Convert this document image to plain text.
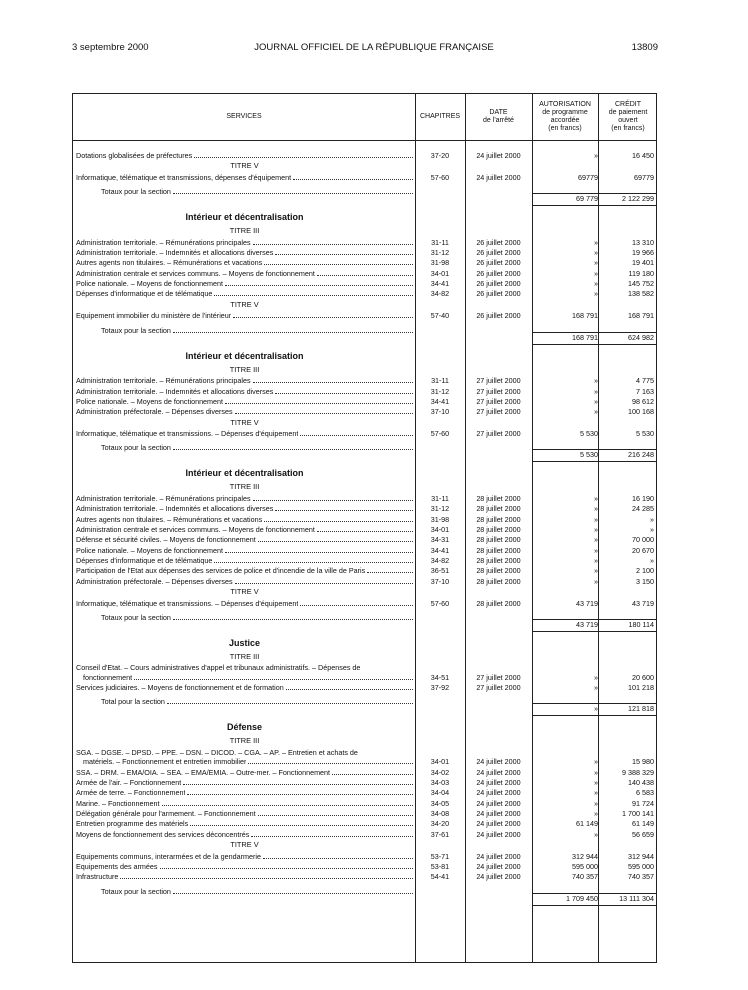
3 septembre 2000	JOURNAL OFFICIEL DE LA RÉPUBLIQUE FRANÇAISE	13809
SERVICES	CHAPITRES
DATE
de l'arrêté
AUTORISATION
de programme
accordée
(en francs)
CRÉDIT
de paiement
ouvert
(en francs)
Dotations globalisées de préfectures	37-20	24 juillet 2000	»	16 450
TITRE V
Informatique, télématique et transmissions, dépenses d'équipement	57-60	24 juillet 2000	69779	69779
Totaux pour la section
69 779	2 122 299
Intérieur et décentralisation
TITRE III
Administration territoriale. – Rémunérations principales	31-11	26 juillet 2000	»	13 310
Administration territoriale. – Indemnités et allocations diverses	31-12	26 juillet 2000	»	19 966
Autres agents non titulaires. – Rémunérations et vacations	31-98	26 juillet 2000	»	19 401
Administration centrale et services communs. – Moyens de fonctionnement	34-01	26 juillet 2000	»	119 180
Police nationale. – Moyens de fonctionnement	34-41	26 juillet 2000	»	145 752
Dépenses d'informatique et de télématique	34-82	26 juillet 2000	»	138 582
TITRE V
Equipement immobilier du ministère de l'intérieur	57-40	26 juillet 2000	168 791	168 791
Totaux pour la section
168 791	624 982
Intérieur et décentralisation
TITRE III
Administration territoriale. – Rémunérations principales	31-11	27 juillet 2000	»	4 775
Administration territoriale. – Indemnités et allocations diverses	31-12	27 juillet 2000	»	7 163
Police nationale. – Moyens de fonctionnement	34-41	27 juillet 2000	»	98 612
Administration préfectorale. – Dépenses diverses	37-10	27 juillet 2000	»	100 168
TITRE V
Informatique, télématique et transmissions. – Dépenses d'équipement	57-60	27 juillet 2000	5 530	5 530
Totaux pour la section
5 530	216 248
Intérieur et décentralisation
TITRE III
Administration territoriale. – Rémunérations principales	31-11	28 juillet 2000	»	16 190
Administration territoriale. – Indemnités et allocations diverses	31-12	28 juillet 2000	»	24 285
Autres agents non titulaires. – Rémunérations et vacations	31-98	28 juillet 2000	»	»
Administration centrale et services communs. – Moyens de fonctionnement	34-01	28 juillet 2000	»	»
Défense et sécurité civiles. – Moyens de fonctionnement	34-31	28 juillet 2000	»	70 000
Police nationale. – Moyens de fonctionnement	34-41	28 juillet 2000	»	20 670
Dépenses d'informatique et de télématique	34-82	28 juillet 2000	»	»
Participation de l'Etat aux dépenses des services de police et d'incendie de la ville de Paris	36-51	28 juillet 2000	»	2 100
Administration préfectorale. – Dépenses diverses	37-10	28 juillet 2000	»	3 150
TITRE V
Informatique, télématique et transmissions. – Dépenses d'équipement	57-60	28 juillet 2000	43 719	43 719
Totaux pour la section
43 719	180 114
Justice
TITRE III
Conseil d'Etat. – Cours administratives d'appel et tribunaux administratifs. – Dépenses de
fonctionnement	34-51	27 juillet 2000	»	20 600
Services judiciaires. – Moyens de fonctionnement et de formation	37-92	27 juillet 2000	»	101 218
Total pour la section
»	121 818
Défense
TITRE III
SGA. – DGSE. – DPSD. – PPE. – DSN. – DICOD. – CGA. – AP. – Entretien et achats de
matériels. – Fonctionnement et entretien immobilier	34-01	24 juillet 2000	»	15 980
SSA. – DRM. – EMA/OIA. – SEA. – EMA/EMIA. – Outre-mer. – Fonctionnement	34-02	24 juillet 2000	»	9 388 329
Armée de l'air. – Fonctionnement	34-03	24 juillet 2000	»	140 438
Armée de terre. – Fonctionnement	34-04	24 juillet 2000	»	6 583
Marine. – Fonctionnement	34-05	24 juillet 2000	»	91 724
Délégation générale pour l'armement. – Fonctionnement	34-08	24 juillet 2000	»	1 700 141
Entretien programme des matériels	34-20	24 juillet 2000	61 149	61 149
Moyens de fonctionnement des services déconcentrés	37-61	24 juillet 2000	»	56 659
TITRE V
Equipements communs, interarmées et de la gendarmerie	53-71	24 juillet 2000	312 944	312 944
Equipements des armées	53-81	24 juillet 2000	595 000	595 000
Infrastructure	54-41	24 juillet 2000	740 357	740 357
Totaux pour la section
1 709 450	13 111 304
